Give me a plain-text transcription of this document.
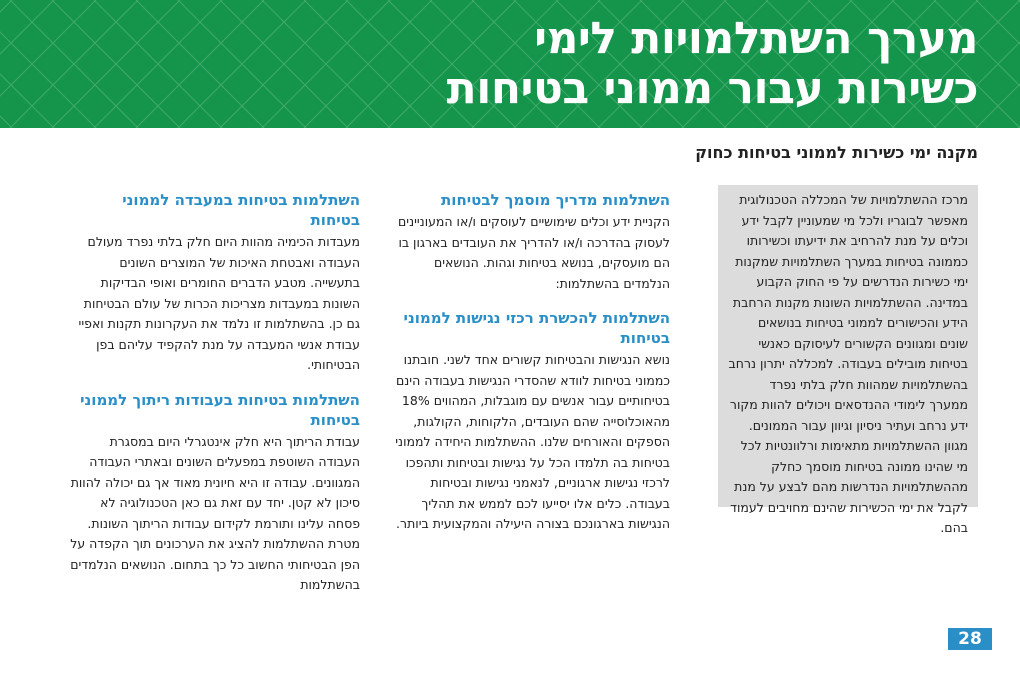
מערך השתלמויות לימי
כשירות עבור ממוני בטיחות
מקנה ימי כשירות לממוני בטיחות כחוק

מרכז ההשתלמויות של המכללה הטכנולוגית מאפשר לבוגריו ולכל מי שמעוניין לקבל ידע וכלים על מנת להרחיב את ידיעתו וכשירותו כממונה בטיחות במערך השתלמויות שמקנות ימי כשירות הנדרשים על פי החוק הקבוע במדינה. ההשתלמויות השונות מקנות הרחבת הידע והכישורים לממוני בטיחות בנושאים שונים ומגוונים הקשורים לעיסוקם כאנשי בטיחות מובילים בעבודה. למכללה יתרון נרחב בהשתלמויות שמהוות חלק בלתי נפרד ממערך לימודי ההנדסאים ויכולים להוות מקור ידע נרחב ועתיר ניסיון וגיוון עבור הממונים. מגוון ההשתלמויות מתאימות ורלוונטיות לכל מי שהינו ממונה בטיחות מוסמך כחלק מההשתלמויות הנדרשות מהם לבצע על מנת לקבל את ימי הכשירות שהינם מחויבים לעמוד בהם.

השתלמות מדריך מוסמך לבטיחות

הקניית ידע וכלים שימושיים לעוסקים ו/או המעוניינים לעסוק בהדרכה ו/או להדריך את העובדים בארגון בו הם מועסקים, בנושא בטיחות וגהות. הנושאים הנלמדים בהשתלמות:

השתלמות להכשרת רכזי נגישות לממוני בטיחות

נושא הנגישות והבטיחות קשורים אחד לשני. חובתנו כממוני בטיחות לוודא שהסדרי הנגישות בעבודה הינם בטיחותיים עבור אנשים עם מוגבלות, המהווים 18% מהאוכלוסייה שהם העובדים, הלקוחות, הקולגות, הספקים והאורחים שלנו. ההשתלמות היחידה לממוני בטיחות בה תלמדו הכל על נגישות ובטיחות ותהפכו לרכזי נגישות ארגוניים, לנאמני נגישות ובטיחות בעבודה. כלים אלו יסייעו לכם לממש את תהליך הנגישות בארגונכם בצורה היעילה והמקצועית ביותר.

השתלמות בטיחות במעבדה לממוני בטיחות

מעבדות הכימיה מהוות היום חלק בלתי נפרד מעולם העבודה ואבטחת האיכות של המוצרים השונים בתעשייה. מטבע הדברים החומרים ואופי הבדיקות השונות במעבדות מצריכות הכרות של עולם הבטיחות גם כן. בהשתלמות זו נלמד את העקרונות תקנות ואפיי עבודת אנשי המעבדה על מנת להקפיד עליהם בפן הבטיחותי.

השתלמות בטיחות בעבודות ריתוך לממוני בטיחות

עבודת הריתוך היא חלק אינטגרלי היום במסגרת העבודה השוטפת במפעלים השונים ובאתרי העבודה המגוונים. עבודה זו היא חיונית מאוד אך גם יכולה להוות סיכון לא קטן. יחד עם זאת גם כאן הטכנולוגיה לא פסחה עלינו ותורמת לקידום עבודות הריתוך השונות. מטרת ההשתלמות להציג את הערכונים תוך הקפדה על הפן הבטיחותי החשוב כל כך בתחום. הנושאים הנלמדים בהשתלמות

28
